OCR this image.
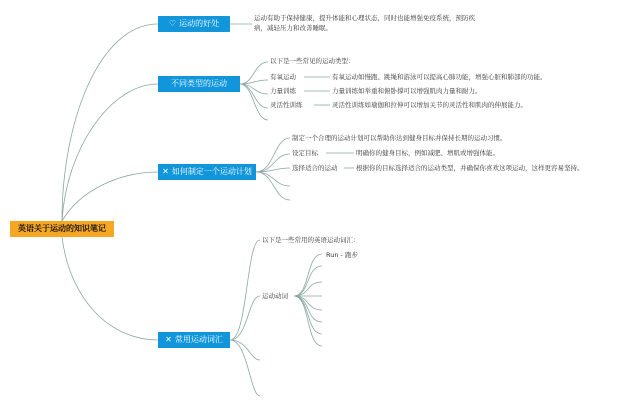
英语关于运动的知识笔记
♡ 运动的好处
不同类型的运动
✕ 如何制定一个运动计划
✕ 常用运动词汇
运动有助于保持健康，提升体能和心理状态，同时也能增强免疫系统，预防疾
病，减轻压力和改善睡眠。
以下是一些常见的运动类型：
有氧运动	有氧运动如慢跑、跳绳和游泳可以提高心肺功能，增强心脏和肺部的功能。
力量训练	力量训练如举重和俯卧撑可以增强肌肉力量和耐力。
灵活性训练	灵活性训练如瑜伽和拉伸可以增加关节的灵活性和肌肉的伸展能力。
制定一个合理的运动计划可以帮助你达到健身目标并保持长期的运动习惯。
设定目标	明确你的健身目标，例如减肥、增肌或增强体能。
选择适合的运动	根据你的目标选择适合的运动类型，并确保你喜欢这项运动，这样更容易坚持。
以下是一些常用的英语运动词汇：
运动动词
Run - 跑步
